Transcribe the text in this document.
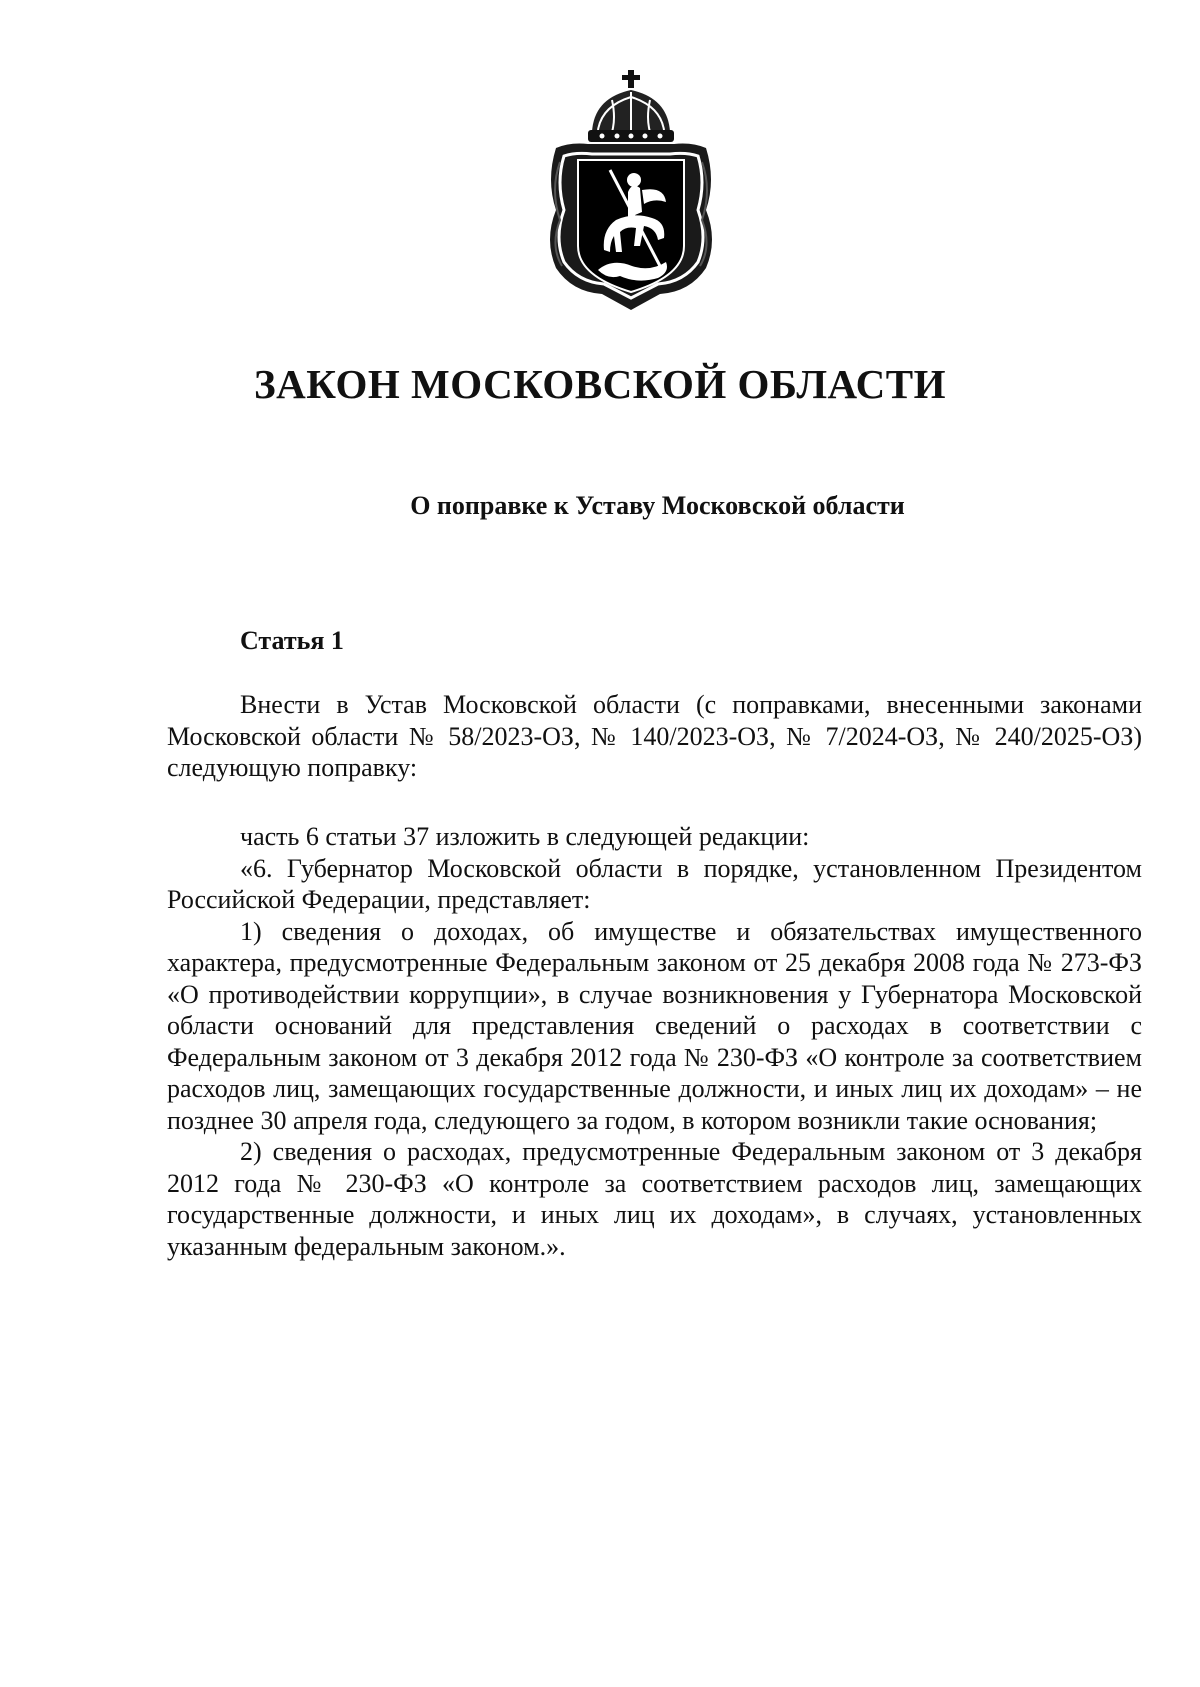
ЗАКОН МОСКОВСКОЙ ОБЛАСТИ
О поправке к Уставу Московской области
Статья 1

Внести в Устав Московской области (с поправками, внесенными законами Московской области № 58/2023-ОЗ, № 140/2023-ОЗ, № 7/2024-ОЗ, № 240/2025-ОЗ) следующую поправку:

часть 6 статьи 37 изложить в следующей редакции:

«6. Губернатор Московской области в порядке, установленном Президентом Российской Федерации, представляет:

1) сведения о доходах, об имуществе и обязательствах имущественного характера, предусмотренные Федеральным законом от 25 декабря 2008 года № 273-ФЗ «О противодействии коррупции», в случае возникновения у Губернатора Московской области оснований для представления сведений о расходах в соответствии с Федеральным законом от 3 декабря 2012 года № 230-ФЗ «О контроле за соответствием расходов лиц, замещающих государственные должности, и иных лиц их доходам» – не позднее 30 апреля года, следующего за годом, в котором возникли такие основания;

2) сведения о расходах, предусмотренные Федеральным законом от 3 декабря 2012 года № 230-ФЗ «О контроле за соответствием расходов лиц, замещающих государственные должности, и иных лиц их доходам», в случаях, установленных указанным федеральным законом.».
